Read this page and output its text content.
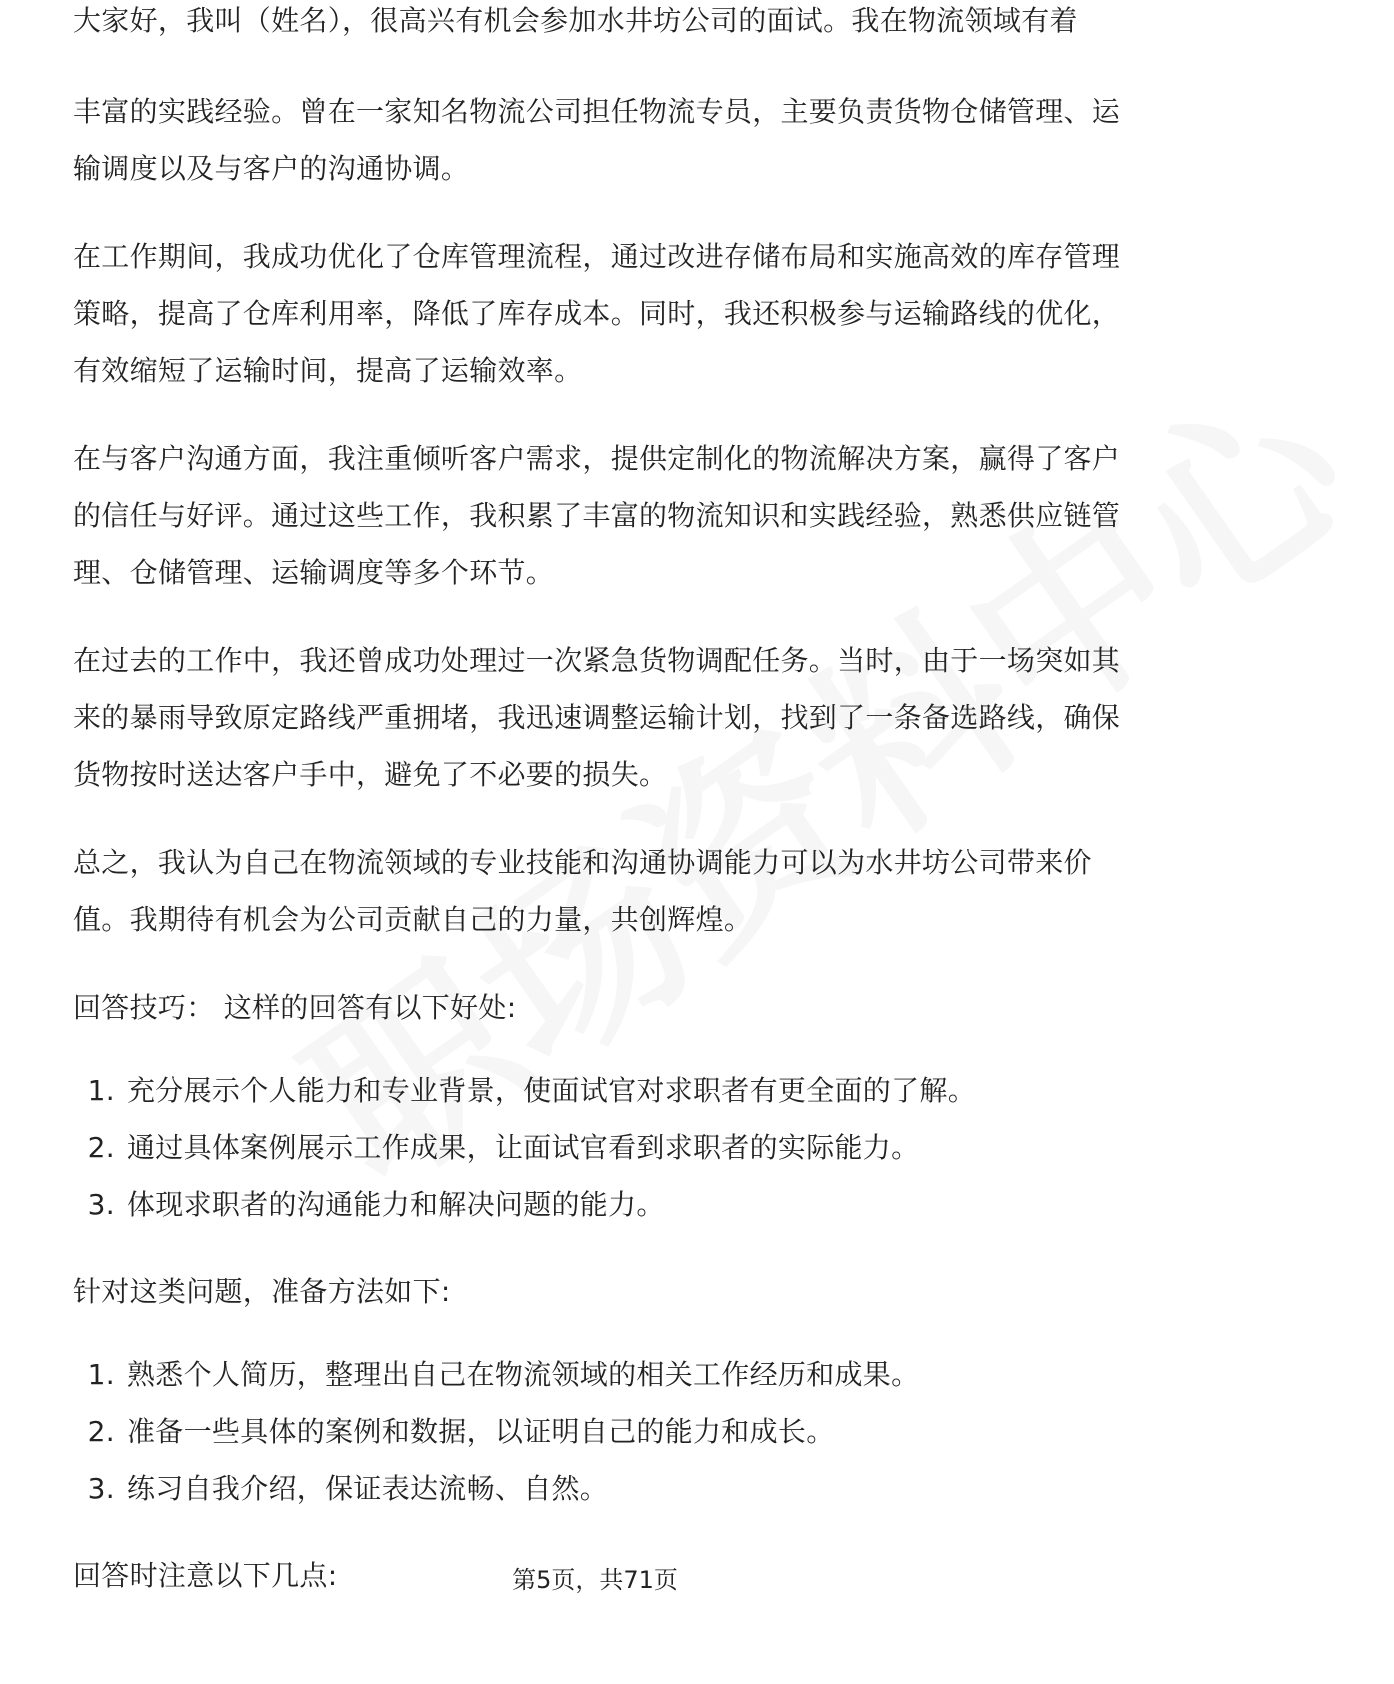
大家好，我叫（姓名），很高兴有机会参加水井坊公司的面试。我在物流领域有着

丰富的实践经验。曾在一家知名物流公司担任物流专员，主要负责货物仓储管理、运输调度以及与客户的沟通协调。

在工作期间，我成功优化了仓库管理流程，通过改进存储布局和实施高效的库存管理策略，提高了仓库利用率，降低了库存成本。同时，我还积极参与运输路线的优化，有效缩短了运输时间，提高了运输效率。

在与客户沟通方面，我注重倾听客户需求，提供定制化的物流解决方案，赢得了客户的信任与好评。通过这些工作，我积累了丰富的物流知识和实践经验，熟悉供应链管理、仓储管理、运输调度等多个环节。

在过去的工作中，我还曾成功处理过一次紧急货物调配任务。当时，由于一场突如其来的暴雨导致原定路线严重拥堵，我迅速调整运输计划，找到了一条备选路线，确保货物按时送达客户手中，避免了不必要的损失。

总之，我认为自己在物流领域的专业技能和沟通协调能力可以为水井坊公司带来价值。我期待有机会为公司贡献自己的力量，共创辉煌。

回答技巧： 这样的回答有以下好处:

1. 充分展示个人能力和专业背景，使面试官对求职者有更全面的了解。
2. 通过具体案例展示工作成果，让面试官看到求职者的实际能力。
3. 体现求职者的沟通能力和解决问题的能力。

针对这类问题，准备方法如下:

1. 熟悉个人简历，整理出自己在物流领域的相关工作经历和成果。
2. 准备一些具体的案例和数据，以证明自己的能力和成长。
3. 练习自我介绍，保证表达流畅、自然。

回答时注意以下几点:	第5页，共71页
